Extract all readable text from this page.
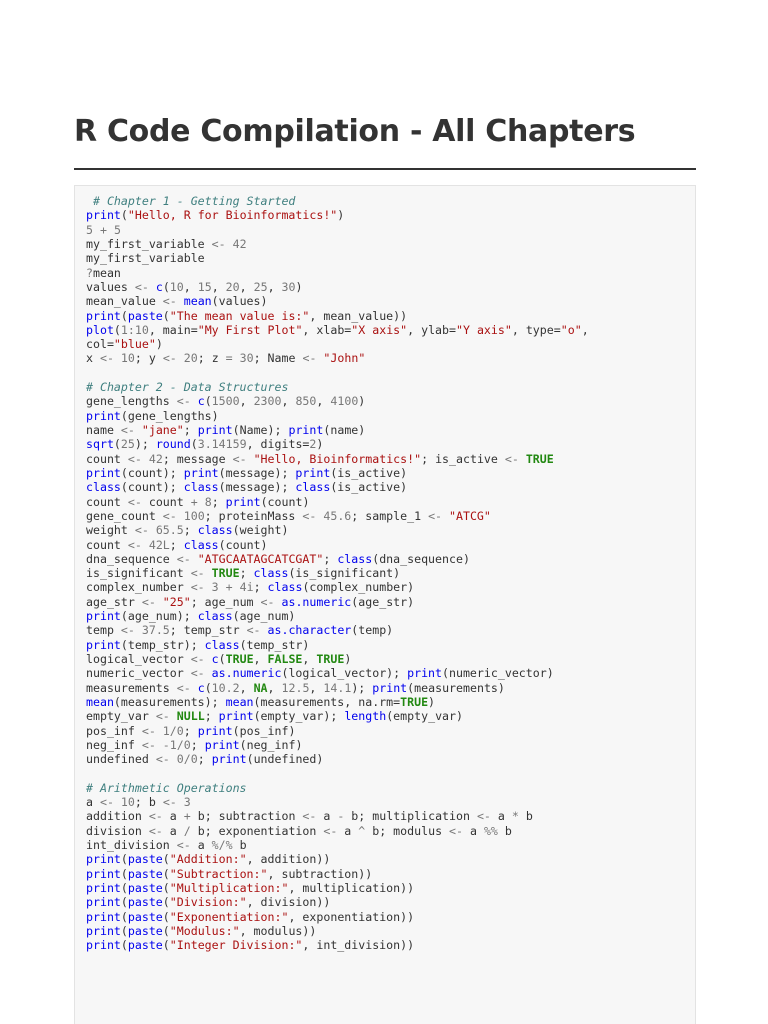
R Code Compilation - All Chapters
# Chapter 1 - Getting Started
print("Hello, R for Bioinformatics!")
5 + 5
my_first_variable <- 42
my_first_variable
?mean
values <- c(10, 15, 20, 25, 30)
mean_value <- mean(values)
print(paste("The mean value is:", mean_value))
plot(1:10, main="My First Plot", xlab="X axis", ylab="Y axis", type="o",
col="blue")
x <- 10; y <- 20; z = 30; Name <- "John"
# Chapter 2 - Data Structures
gene_lengths <- c(1500, 2300, 850, 4100)
print(gene_lengths)
name <- "jane"; print(Name); print(name)
sqrt(25); round(3.14159, digits=2)
count <- 42; message <- "Hello, Bioinformatics!"; is_active <- TRUE
print(count); print(message); print(is_active)
class(count); class(message); class(is_active)
count <- count + 8; print(count)
gene_count <- 100; proteinMass <- 45.6; sample_1 <- "ATCG"
weight <- 65.5; class(weight)
count <- 42L; class(count)
dna_sequence <- "ATGCAATAGCATCGAT"; class(dna_sequence)
is_significant <- TRUE; class(is_significant)
complex_number <- 3 + 4i; class(complex_number)
age_str <- "25"; age_num <- as.numeric(age_str)
print(age_num); class(age_num)
temp <- 37.5; temp_str <- as.character(temp)
print(temp_str); class(temp_str)
logical_vector <- c(TRUE, FALSE, TRUE)
numeric_vector <- as.numeric(logical_vector); print(numeric_vector)
measurements <- c(10.2, NA, 12.5, 14.1); print(measurements)
mean(measurements); mean(measurements, na.rm=TRUE)
empty_var <- NULL; print(empty_var); length(empty_var)
pos_inf <- 1/0; print(pos_inf)
neg_inf <- -1/0; print(neg_inf)
undefined <- 0/0; print(undefined)
# Arithmetic Operations
a <- 10; b <- 3
addition <- a + b; subtraction <- a - b; multiplication <- a * b
division <- a / b; exponentiation <- a ^ b; modulus <- a %% b
int_division <- a %/% b
print(paste("Addition:", addition))
print(paste("Subtraction:", subtraction))
print(paste("Multiplication:", multiplication))
print(paste("Division:", division))
print(paste("Exponentiation:", exponentiation))
print(paste("Modulus:", modulus))
print(paste("Integer Division:", int_division))
